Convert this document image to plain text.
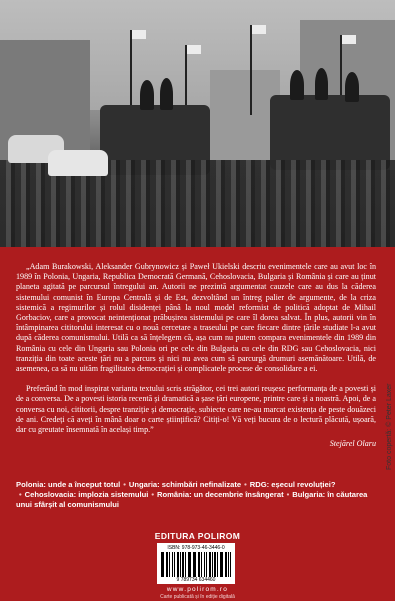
„Adam Burakowski, Aleksander Gubrynowicz și Paweł Ukielski descriu evenimentele care au avut loc în 1989 în Polonia, Ungaria, Republica Democrată Germană, Cehoslovacia, Bulgaria și România și care au ținut planeta agitată pe parcursul întregului an. Autorii ne prezintă argumentat cauzele care au dus la căderea sistemului comunist în Europa Centrală și de Est, dezvoltând un întreg palier de argumente, de la criza sistemică a regimurilor și rolul disidenței până la noul model reformist de politică adoptat de Mihail Gorbaciov, care a provocat neintenționat prăbușirea sistemului pe care îl dorea salvat. În plus, autorii vin în întâmpinarea cititorului interesat cu o nouă cercetare a traseului pe care fiecare dintre țările studiate l-a avut după căderea comunismului. Utilă ca să înțelegem că, așa cum nu putem compara evenimentele din 1989 din România cu cele din Ungaria sau Polonia ori pe cele din Bulgaria cu cele din RDG sau Cehoslovacia, nici tranziția din toate aceste țări nu a parcurs și nici nu avea cum să parcurgă drumuri asemănătoare. Utilă, de asemenea, ca să nu uităm fragilitatea democrației și complicatele procese de consolidare a ei.

Preferând în mod inspirat varianta textului scris străgător, cei trei autori reușesc performanța de a povesti și de a conversa. De a povesti istoria recentă și dramatică a șase țări europene, printre care și a noastră. Apoi, de a conversa cu noi, cititorii, despre tranziție și democrație, subiecte care ne-au marcat existența de peste douăzeci de ani. Credeți că aveți în mână doar o carte științifică? Citiți-o! Vă veți bucura de o lectură plăcută, ușoară, dar cu greutate însemnată în același timp.”

Stejărel Olaru

Polonia: unde a început totul • Ungaria: schimbări nefinalizate • RDG: eșecul revoluției?• Cehoslovacia: implozia sistemului • România: un decembrie însângerat • Bulgaria: în căutarea unui sfârșit al comunismului
EDITURA POLIROM
ISBN: 978-973-46-3446-0
9 789734 634460
www.polirom.ro
Carte publicată și în ediție digitală
Foto copertă: © Peter Laxer
